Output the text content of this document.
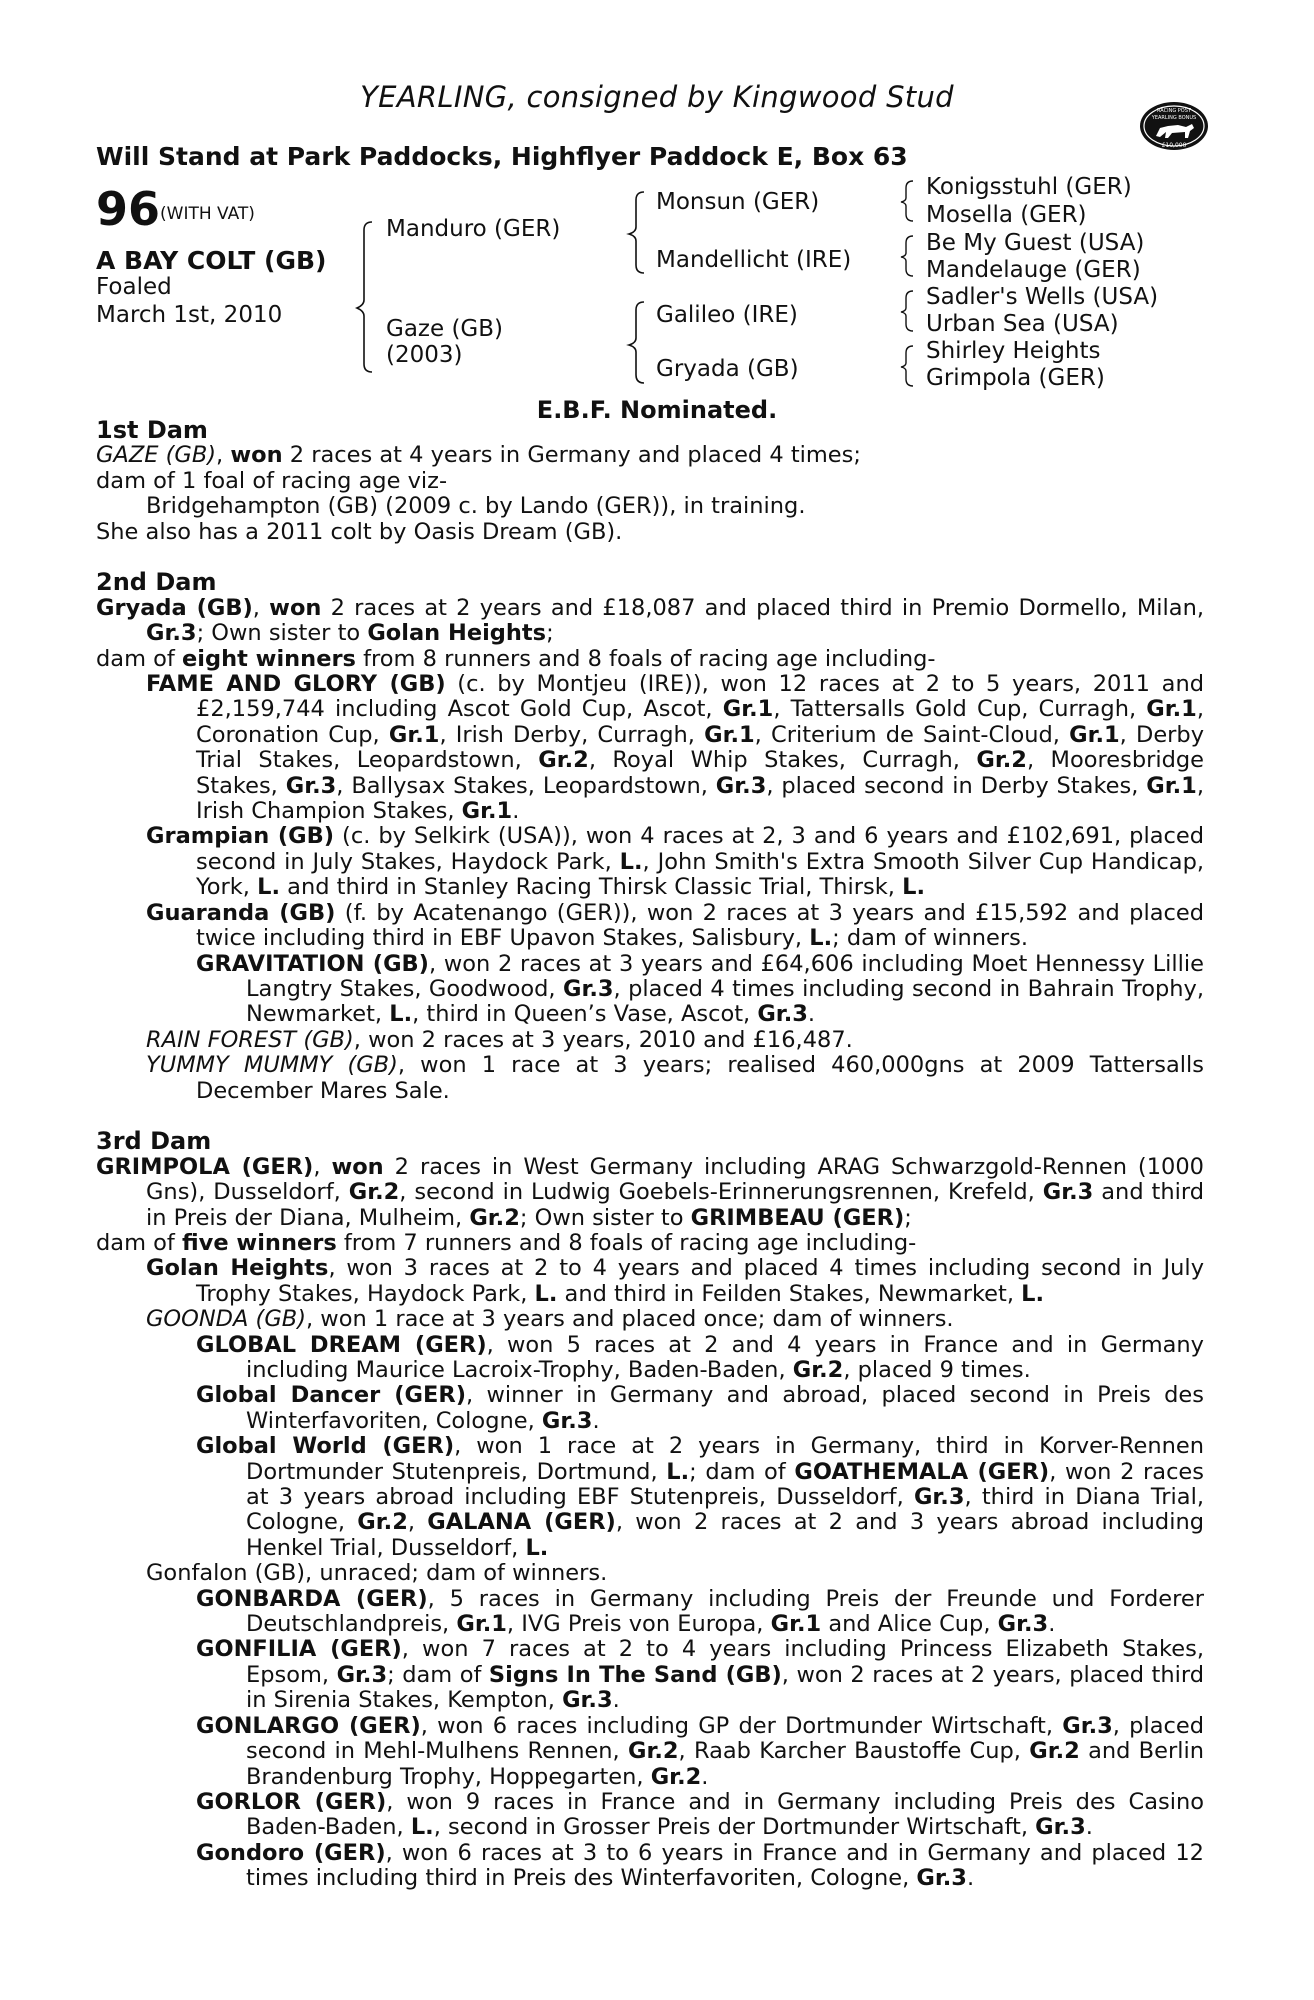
YEARLING, consigned by Kingwood Stud
Will Stand at Park Paddocks, Highflyer Paddock E, Box 63
RACING POST
YEARLING BONUS
£10,000
96 (WITH VAT)
A BAY COLT (GB)
Foaled
March 1st, 2010
Manduro (GER)
Gaze (GB)
(2003)
Monsun (GER)
Mandellicht (IRE)
Galileo (IRE)
Gryada (GB)
Konigsstuhl (GER)
Mosella (GER)
Be My Guest (USA)
Mandelauge (GER)
Sadler's Wells (USA)
Urban Sea (USA)
Shirley Heights
Grimpola (GER)
E.B.F. Nominated.
1st Dam
GAZE (GB), won 2 races at 4 years in Germany and placed 4 times;
dam of 1 foal of racing age viz-
Bridgehampton (GB) (2009 c. by Lando (GER)), in training.
She also has a 2011 colt by Oasis Dream (GB).
2nd Dam
Gryada (GB), won 2 races at 2 years and £18,087 and placed third in Premio Dormello, Milan, Gr.3; Own sister to Golan Heights;
dam of eight winners from 8 runners and 8 foals of racing age including-
FAME AND GLORY (GB) (c. by Montjeu (IRE)), won 12 races at 2 to 5 years, 2011 and £2,159,744 including Ascot Gold Cup, Ascot, Gr.1, Tattersalls Gold Cup, Curragh, Gr.1, Coronation Cup, Gr.1, Irish Derby, Curragh, Gr.1, Criterium de Saint-Cloud, Gr.1, Derby Trial Stakes, Leopardstown, Gr.2, Royal Whip Stakes, Curragh, Gr.2, Mooresbridge Stakes, Gr.3, Ballysax Stakes, Leopardstown, Gr.3, placed second in Derby Stakes, Gr.1, Irish Champion Stakes, Gr.1.
Grampian (GB) (c. by Selkirk (USA)), won 4 races at 2, 3 and 6 years and £102,691, placed second in July Stakes, Haydock Park, L., John Smith's Extra Smooth Silver Cup Handicap, York, L. and third in Stanley Racing Thirsk Classic Trial, Thirsk, L.
Guaranda (GB) (f. by Acatenango (GER)), won 2 races at 3 years and £15,592 and placed twice including third in EBF Upavon Stakes, Salisbury, L.; dam of winners.
GRAVITATION (GB), won 2 races at 3 years and £64,606 including Moet Hennessy Lillie Langtry Stakes, Goodwood, Gr.3, placed 4 times including second in Bahrain Trophy, Newmarket, L., third in Queen’s Vase, Ascot, Gr.3.
RAIN FOREST (GB), won 2 races at 3 years, 2010 and £16,487.
YUMMY MUMMY (GB), won 1 race at 3 years; realised 460,000gns at 2009 Tattersalls December Mares Sale.
3rd Dam
GRIMPOLA (GER), won 2 races in West Germany including ARAG Schwarzgold-Rennen (1000 Gns), Dusseldorf, Gr.2, second in Ludwig Goebels-Erinnerungsrennen, Krefeld, Gr.3 and third in Preis der Diana, Mulheim, Gr.2; Own sister to GRIMBEAU (GER);
dam of five winners from 7 runners and 8 foals of racing age including-
Golan Heights, won 3 races at 2 to 4 years and placed 4 times including second in July Trophy Stakes, Haydock Park, L. and third in Feilden Stakes, Newmarket, L.
GOONDA (GB), won 1 race at 3 years and placed once; dam of winners.
GLOBAL DREAM (GER), won 5 races at 2 and 4 years in France and in Germany including Maurice Lacroix-Trophy, Baden-Baden, Gr.2, placed 9 times.
Global Dancer (GER), winner in Germany and abroad, placed second in Preis des Winterfavoriten, Cologne, Gr.3.
Global World (GER), won 1 race at 2 years in Germany, third in Korver-Rennen Dortmunder Stutenpreis, Dortmund, L.; dam of GOATHEMALA (GER), won 2 races at 3 years abroad including EBF Stutenpreis, Dusseldorf, Gr.3, third in Diana Trial, Cologne, Gr.2, GALANA (GER), won 2 races at 2 and 3 years abroad including Henkel Trial, Dusseldorf, L.
Gonfalon (GB), unraced; dam of winners.
GONBARDA (GER), 5 races in Germany including Preis der Freunde und Forderer Deutschlandpreis, Gr.1, IVG Preis von Europa, Gr.1 and Alice Cup, Gr.3.
GONFILIA (GER), won 7 races at 2 to 4 years including Princess Elizabeth Stakes, Epsom, Gr.3; dam of Signs In The Sand (GB), won 2 races at 2 years, placed third in Sirenia Stakes, Kempton, Gr.3.
GONLARGO (GER), won 6 races including GP der Dortmunder Wirtschaft, Gr.3, placed second in Mehl-Mulhens Rennen, Gr.2, Raab Karcher Baustoffe Cup, Gr.2 and Berlin Brandenburg Trophy, Hoppegarten, Gr.2.
GORLOR (GER), won 9 races in France and in Germany including Preis des Casino Baden-Baden, L., second in Grosser Preis der Dortmunder Wirtschaft, Gr.3.
Gondoro (GER), won 6 races at 3 to 6 years in France and in Germany and placed 12 times including third in Preis des Winterfavoriten, Cologne, Gr.3.
